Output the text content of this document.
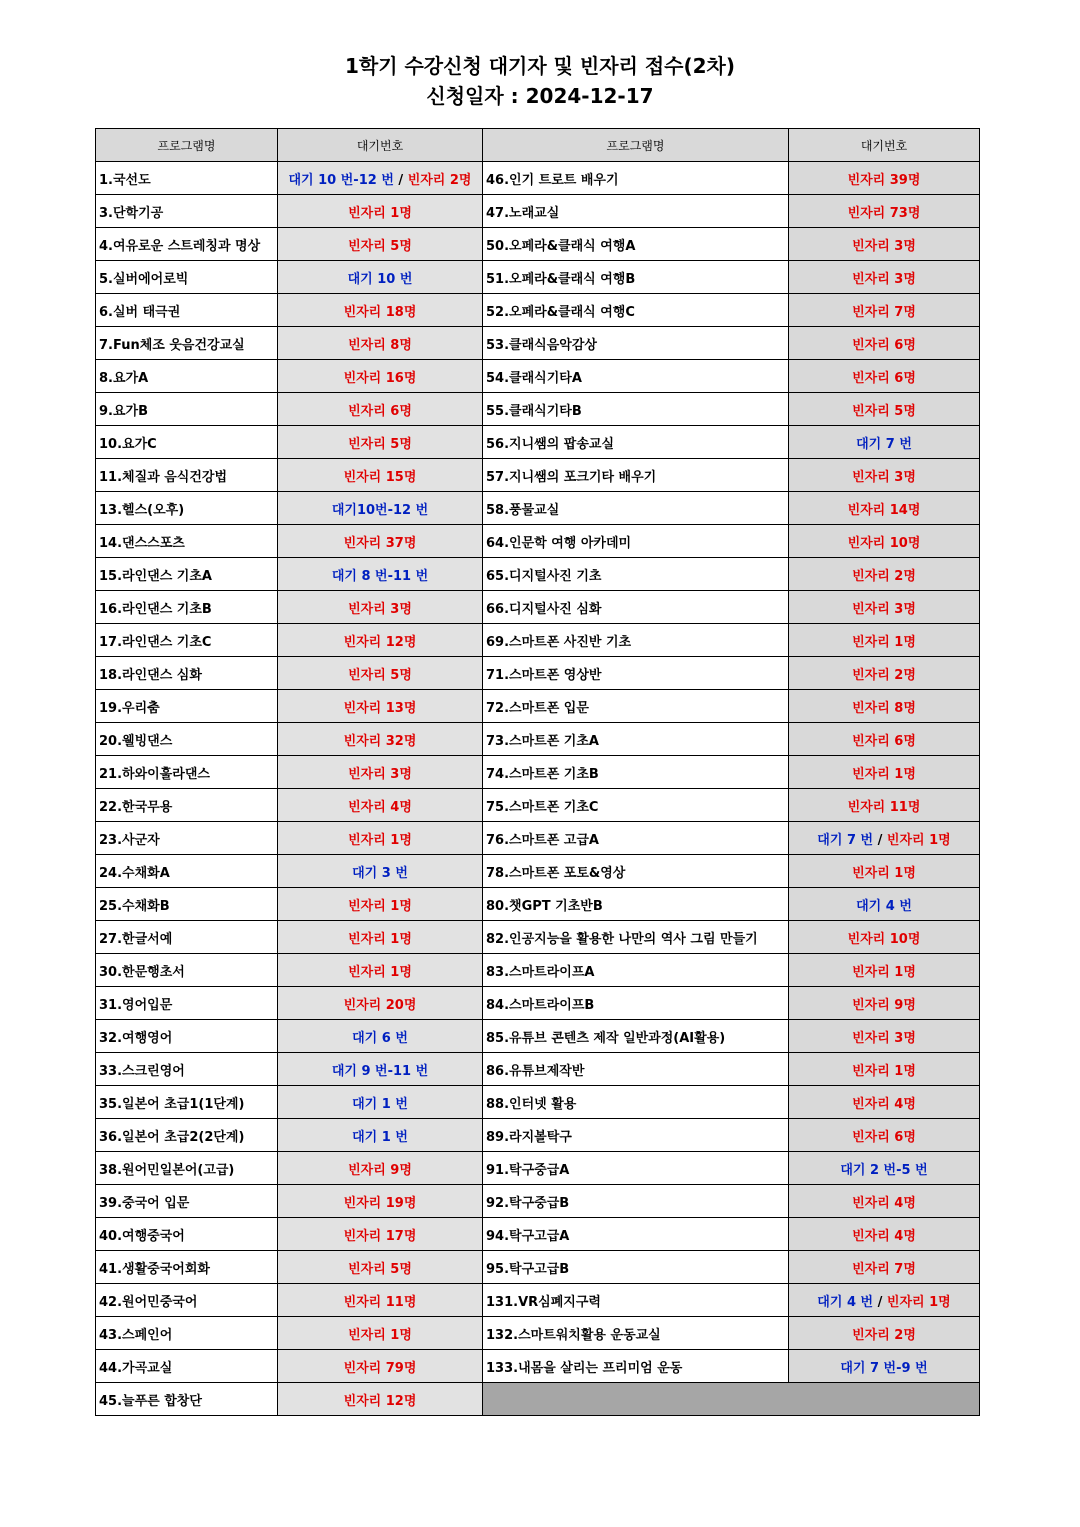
1학기 수강신청 대기자 및 빈자리 접수(2차)
신청일자 : 2024-12-17
프로그램명	대기번호	프로그램명	대기번호
1.국선도	대기 10 번-12 번 / 빈자리 2명	46.인기 트로트 배우기	빈자리 39명
3.단학기공	빈자리 1명	47.노래교실	빈자리 73명
4.여유로운 스트레칭과 명상	빈자리 5명	50.오페라&클래식 여행A	빈자리 3명
5.실버에어로빅	대기 10 번	51.오페라&클래식 여행B	빈자리 3명
6.실버 태극권	빈자리 18명	52.오페라&클래식 여행C	빈자리 7명
7.Fun체조 웃음건강교실	빈자리 8명	53.클래식음악감상	빈자리 6명
8.요가A	빈자리 16명	54.클래식기타A	빈자리 6명
9.요가B	빈자리 6명	55.클래식기타B	빈자리 5명
10.요가C	빈자리 5명	56.지니쌤의 팝송교실	대기 7 번
11.체질과 음식건강법	빈자리 15명	57.지니쌤의 포크기타 배우기	빈자리 3명
13.헬스(오후)	대기10번-12 번	58.풍물교실	빈자리 14명
14.댄스스포츠	빈자리 37명	64.인문학 여행 아카데미	빈자리 10명
15.라인댄스 기초A	대기 8 번-11 번	65.디지털사진 기초	빈자리 2명
16.라인댄스 기초B	빈자리 3명	66.디지털사진 심화	빈자리 3명
17.라인댄스 기초C	빈자리 12명	69.스마트폰 사진반 기초	빈자리 1명
18.라인댄스 심화	빈자리 5명	71.스마트폰 영상반	빈자리 2명
19.우리춤	빈자리 13명	72.스마트폰 입문	빈자리 8명
20.웰빙댄스	빈자리 32명	73.스마트폰 기초A	빈자리 6명
21.하와이훌라댄스	빈자리 3명	74.스마트폰 기초B	빈자리 1명
22.한국무용	빈자리 4명	75.스마트폰 기초C	빈자리 11명
23.사군자	빈자리 1명	76.스마트폰 고급A	대기 7 번 / 빈자리 1명
24.수채화A	대기 3 번	78.스마트폰 포토&영상	빈자리 1명
25.수채화B	빈자리 1명	80.챗GPT 기초반B	대기 4 번
27.한글서예	빈자리 1명	82.인공지능을 활용한 나만의 역사 그림 만들기	빈자리 10명
30.한문행초서	빈자리 1명	83.스마트라이프A	빈자리 1명
31.영어입문	빈자리 20명	84.스마트라이프B	빈자리 9명
32.여행영어	대기 6 번	85.유튜브 콘텐츠 제작 일반과정(AI활용)	빈자리 3명
33.스크린영어	대기 9 번-11 번	86.유튜브제작반	빈자리 1명
35.일본어 초급1(1단계)	대기 1 번	88.인터넷 활용	빈자리 4명
36.일본어 초급2(2단계)	대기 1 번	89.라지볼탁구	빈자리 6명
38.원어민일본어(고급)	빈자리 9명	91.탁구중급A	대기 2 번-5 번
39.중국어 입문	빈자리 19명	92.탁구중급B	빈자리 4명
40.여행중국어	빈자리 17명	94.탁구고급A	빈자리 4명
41.생활중국어회화	빈자리 5명	95.탁구고급B	빈자리 7명
42.원어민중국어	빈자리 11명	131.VR심폐지구력	대기 4 번 / 빈자리 1명
43.스페인어	빈자리 1명	132.스마트워치활용 운동교실	빈자리 2명
44.가곡교실	빈자리 79명	133.내몸을 살리는 프리미엄 운동	대기 7 번-9 번
45.늘푸른 합창단	빈자리 12명		
